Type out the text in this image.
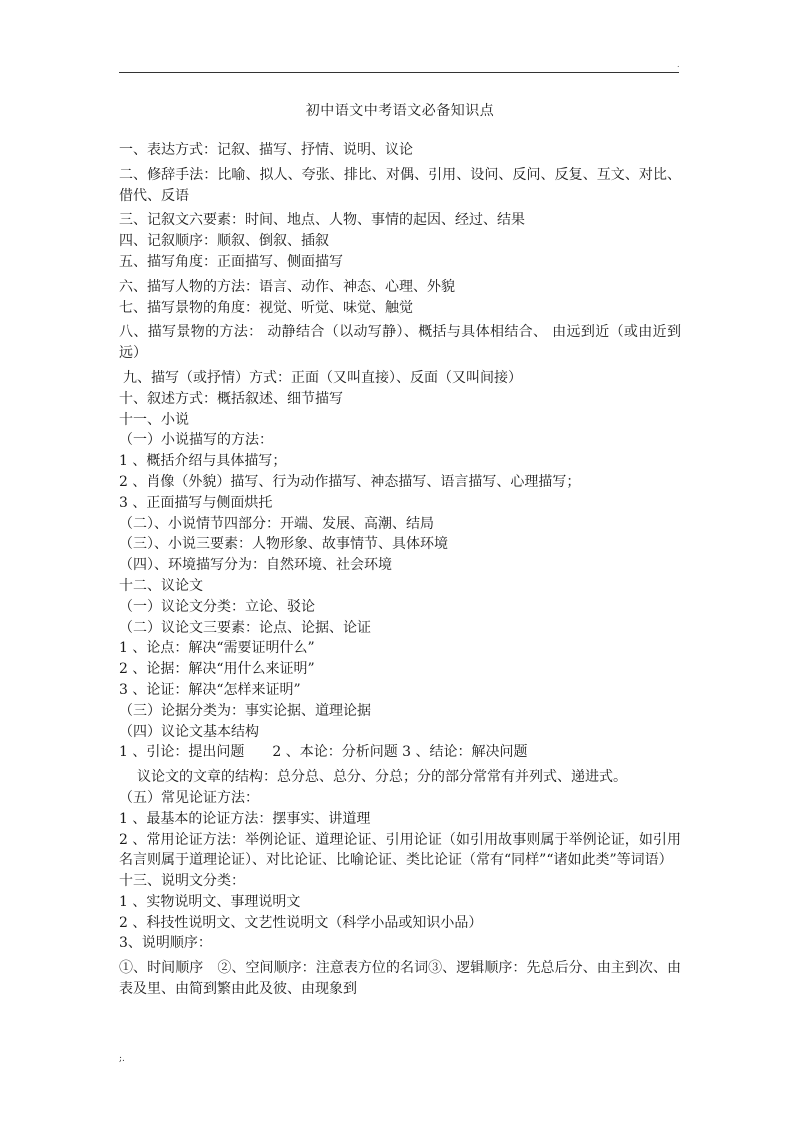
.
初中语文中考语文必备知识点

一、表达方式：记叙、描写、抒情、说明、议论

二、修辞手法：比喻、拟人、夸张、排比、对偶、引用、设问、反问、反复、互文、对比、借代、反语

三、记叙文六要素：时间、地点、人物、事情的起因、经过、结果

四、记叙顺序：顺叙、倒叙、插叙

五、描写角度：正面描写、侧面描写

六、描写人物的方法：语言、动作、神态、心理、外貌

七、描写景物的角度：视觉、听觉、味觉、触觉

八、描写景物的方法： 动静结合（以动写静）、概括与具体相结合、 由远到近（或由近到远）

九、描写（或抒情）方式：正面（又叫直接）、反面（又叫间接）

十、叙述方式：概括叙述、细节描写

十一、小说

（一）小说描写的方法：

1 、概括介绍与具体描写；

2 、肖像（外貌）描写、行为动作描写、神态描写、语言描写、心理描写；

3 、正面描写与侧面烘托

（二）、小说情节四部分：开端、发展、高潮、结局

（三）、小说三要素：人物形象、故事情节、具体环境

（四）、环境描写分为：自然环境、社会环境

十二、议论文

（一）议论文分类：立论、驳论

（二）议论文三要素：论点、论据、论证

1 、论点：解决“需要证明什么”

2 、论据：解决“用什么来证明”

3 、论证：解决“怎样来证明”

（三）论据分类为：事实论据、道理论据

（四）议论文基本结构

1 、引论：提出问题　　2 、本论：分析问题 3 、结论：解决问题

议论文的文章的结构：总分总、总分、分总；分的部分常常有并列式、递进式。

（五）常见论证方法：

1 、最基本的论证方法：摆事实、讲道理

2 、常用论证方法：举例论证、道理论证、引用论证（如引用故事则属于举例论证，如引用名言则属于道理论证）、对比论证、比喻论证、类比论证（常有“同样”“诸如此类”等词语）

十三、说明文分类：

1 、实物说明文、事理说明文

2 、科技性说明文、文艺性说明文（科学小品或知识小品）

3、说明顺序：

①、时间顺序　②、空间顺序：注意表方位的名词③、逻辑顺序：先总后分、由主到次、由表及里、由简到繁由此及彼、由现象到

;.
